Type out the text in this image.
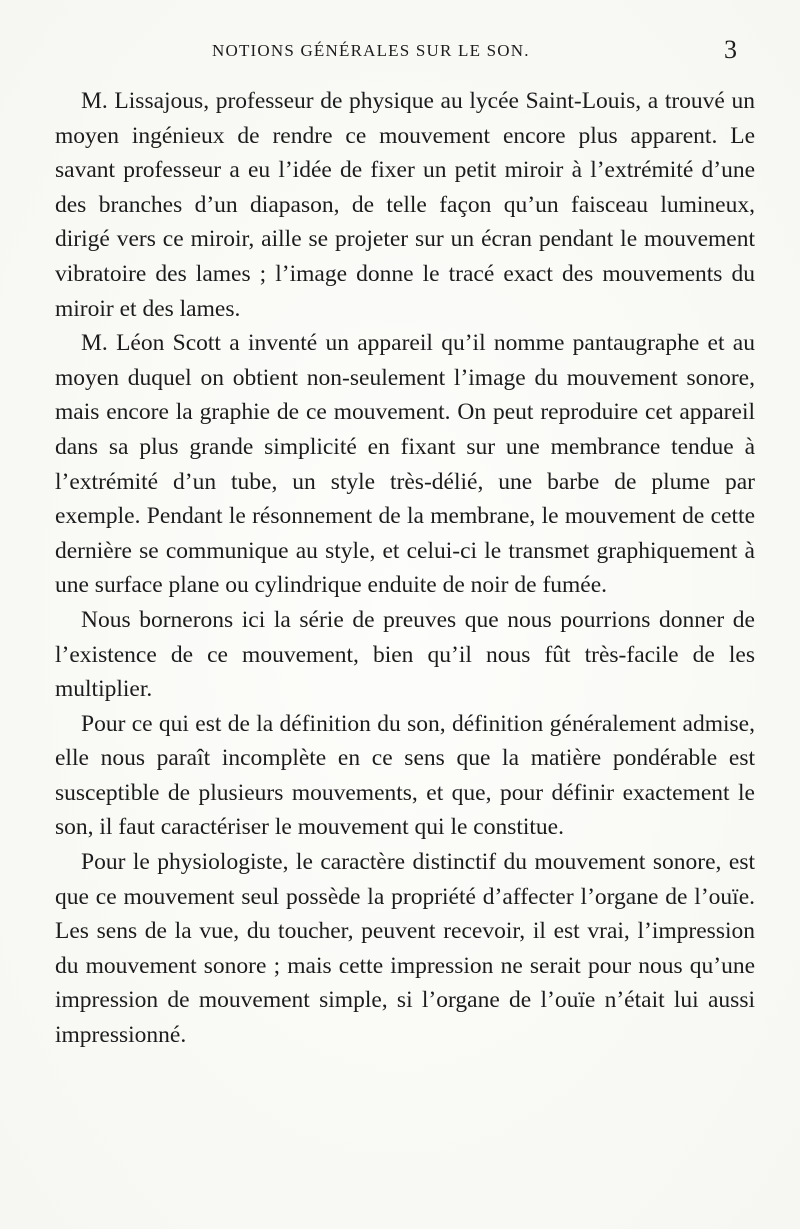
NOTIONS GÉNÉRALES SUR LE SON.	3

M. Lissajous, professeur de physique au lycée Saint-Louis, a trouvé un moyen ingénieux de rendre ce mouvement encore plus apparent. Le savant professeur a eu l’idée de fixer un petit miroir à l’extrémité d’une des branches d’un diapason, de telle façon qu’un faisceau lumineux, dirigé vers ce miroir, aille se projeter sur un écran pendant le mouvement vibratoire des lames ; l’image donne le tracé exact des mouvements du miroir et des lames.

M. Léon Scott a inventé un appareil qu’il nomme pantaugraphe et au moyen duquel on obtient non-seulement l’image du mouvement sonore, mais encore la graphie de ce mouvement. On peut reproduire cet appareil dans sa plus grande simplicité en fixant sur une membrance tendue à l’extrémité d’un tube, un style très-délié, une barbe de plume par exemple. Pendant le résonnement de la membrane, le mouvement de cette dernière se communique au style, et celui-ci le transmet graphiquement à une surface plane ou cylindrique enduite de noir de fumée.

Nous bornerons ici la série de preuves que nous pourrions donner de l’existence de ce mouvement, bien qu’il nous fût très-facile de les multiplier.

Pour ce qui est de la définition du son, définition généralement admise, elle nous paraît incomplète en ce sens que la matière pondérable est susceptible de plusieurs mouvements, et que, pour définir exactement le son, il faut caractériser le mouvement qui le constitue.

Pour le physiologiste, le caractère distinctif du mouvement sonore, est que ce mouvement seul possède la propriété d’affecter l’organe de l’ouïe. Les sens de la vue, du toucher, peuvent recevoir, il est vrai, l’impression du mouvement sonore ; mais cette impression ne serait pour nous qu’une impression de mouvement simple, si l’organe de l’ouïe n’était lui aussi impressionné.
